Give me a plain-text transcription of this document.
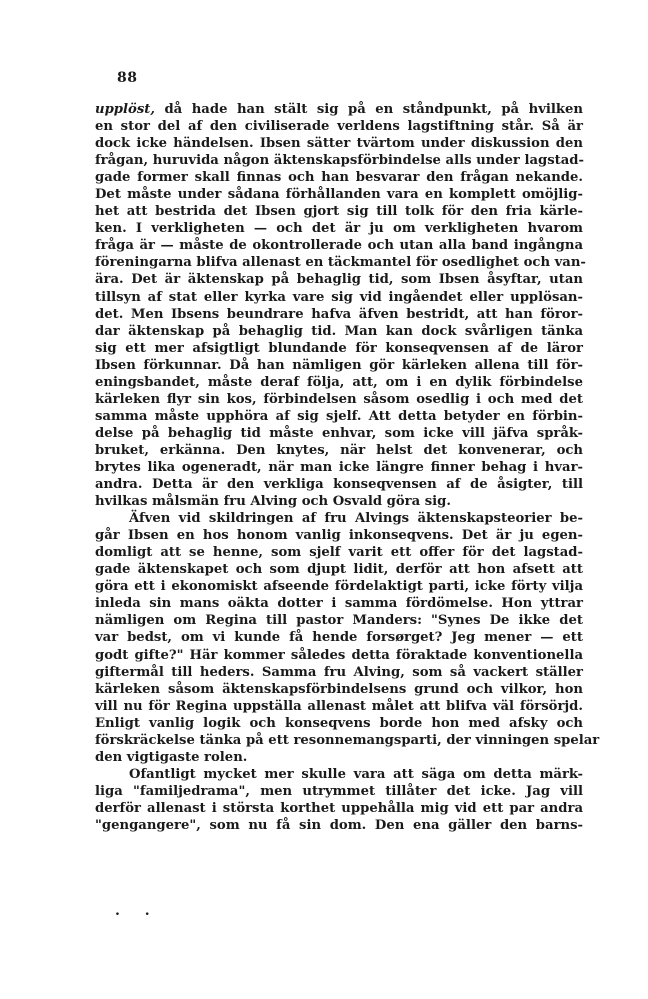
88
upplöst, då hade han stält sig på en ståndpunkt, på hvilken
en stor del af den civiliserade verldens lagstiftning står. Så är
dock icke händelsen. Ibsen sätter tvärtom under diskussion den
frågan, huruvida någon äktenskapsförbindelse alls under lagstad-
gade former skall finnas och han besvarar den frågan nekande.
Det måste under sådana förhållanden vara en komplett omöjlig-
het att bestrida det Ibsen gjort sig till tolk för den fria kärle-
ken. I verkligheten — och det är ju om verkligheten hvarom
fråga är — måste de okontrollerade och utan alla band ingångna
föreningarna blifva allenast en täckmantel för osedlighet och van-
ära. Det är äktenskap på behaglig tid, som Ibsen åsyftar, utan
tillsyn af stat eller kyrka vare sig vid ingåendet eller upplösan-
det. Men Ibsens beundrare hafva äfven bestridt, att han föror-
dar äktenskap på behaglig tid. Man kan dock svårligen tänka
sig ett mer afsigtligt blundande för konseqvensen af de läror
Ibsen förkunnar. Då han nämligen gör kärleken allena till för-
eningsbandet, måste deraf följa, att, om i en dylik förbindelse
kärleken flyr sin kos, förbindelsen såsom osedlig i och med det
samma måste upphöra af sig sjelf. Att detta betyder en förbin-
delse på behaglig tid måste enhvar, som icke vill jäfva språk-
bruket, erkänna. Den knytes, när helst det konvenerar, och
brytes lika ogeneradt, när man icke längre finner behag i hvar-
andra. Detta är den verkliga konseqvensen af de åsigter, till
hvilkas målsmän fru Alving och Osvald göra sig.
Äfven vid skildringen af fru Alvings äktenskapsteorier be-
går Ibsen en hos honom vanlig inkonseqvens. Det är ju egen-
domligt att se henne, som sjelf varit ett offer för det lagstad-
gade äktenskapet och som djupt lidit, derför att hon afsett att
göra ett i ekonomiskt afseende fördelaktigt parti, icke förty vilja
inleda sin mans oäkta dotter i samma fördömelse. Hon yttrar
nämligen om Regina till pastor Manders: "Synes De ikke det
var bedst, om vi kunde få hende forsørget? Jeg mener — ett
godt gifte?" Här kommer således detta föraktade konventionella
giftermål till heders. Samma fru Alving, som så vackert ställer
kärleken såsom äktenskapsförbindelsens grund och vilkor, hon
vill nu för Regina uppställa allenast målet att blifva väl försörjd.
Enligt vanlig logik och konseqvens borde hon med afsky och
förskräckelse tänka på ett resonnemangsparti, der vinningen spelar
den vigtigaste rolen.
Ofantligt mycket mer skulle vara att säga om detta märk-
liga "familjedrama", men utrymmet tillåter det icke. Jag vill
derför allenast i största korthet uppehålla mig vid ett par andra
"gengangere", som nu få sin dom. Den ena gäller den barns-
. .
